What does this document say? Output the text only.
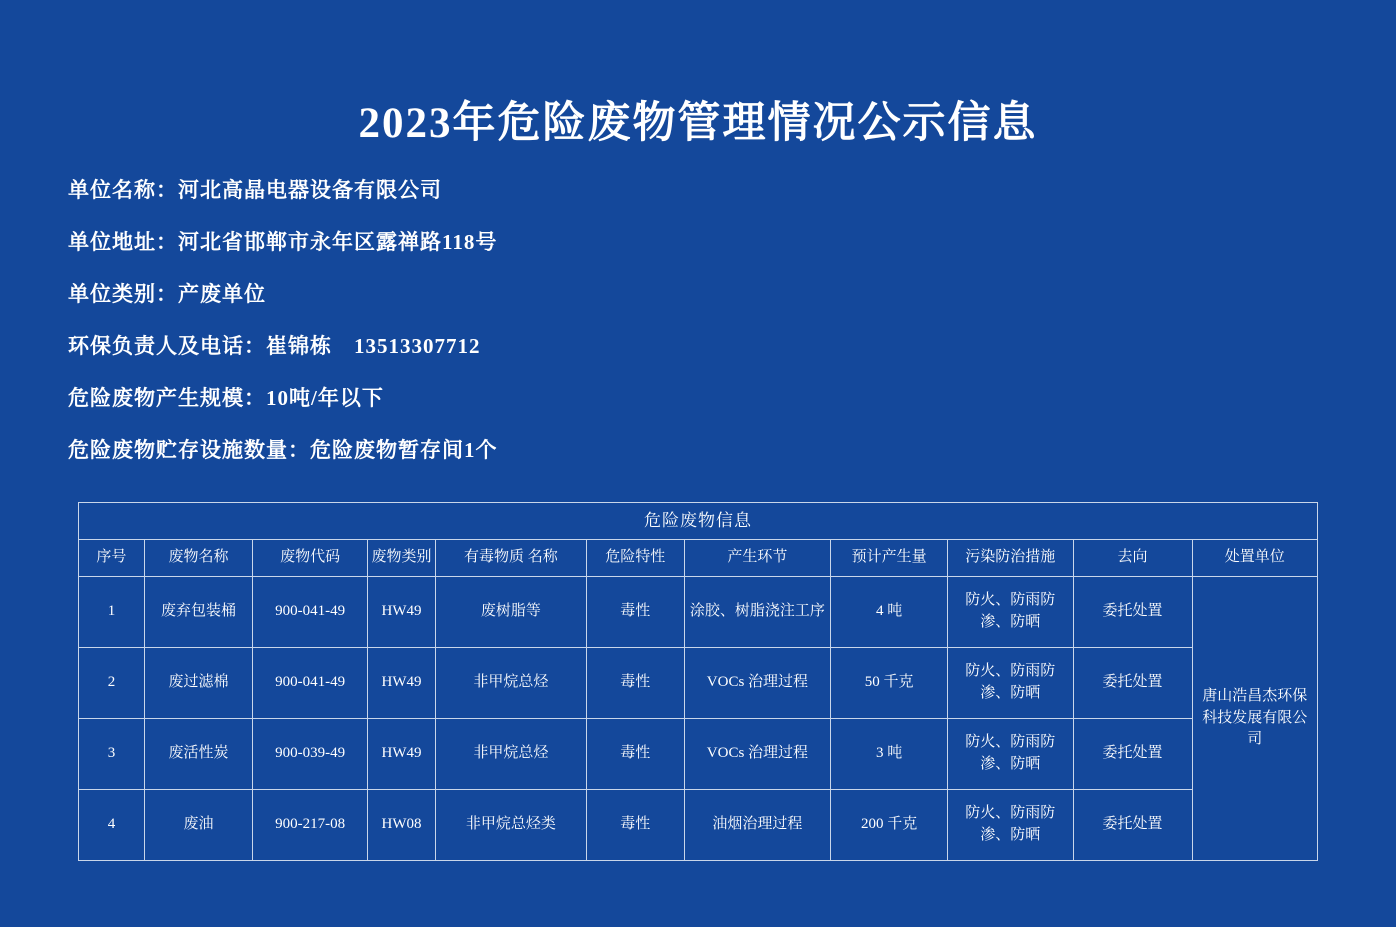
2023年危险废物管理情况公示信息
单位名称：河北高晶电器设备有限公司
单位地址：河北省邯郸市永年区露禅路118号
单位类别：产废单位
环保负责人及电话：崔锦栋　13513307712
危险废物产生规模：10吨/年以下
危险废物贮存设施数量：危险废物暂存间1个
危险废物信息										
序号	废物名称	废物代码	废物类别	有毒物质 名称	危险特性	产生环节	预计产生量	污染防治措施	去向	处置单位
1	废弃包装桶	900-041-49	HW49	废树脂等	毒性	涂胶、树脂浇注工序	4 吨	防火、防雨防渗、防晒	委托处置	唐山浩昌杰环保科技发展有限公司
2	废过滤棉	900-041-49	HW49	非甲烷总烃	毒性	VOCs 治理过程	50 千克	防火、防雨防渗、防晒	委托处置	
3	废活性炭	900-039-49	HW49	非甲烷总烃	毒性	VOCs 治理过程	3 吨	防火、防雨防渗、防晒	委托处置	
4	废油	900-217-08	HW08	非甲烷总烃类	毒性	油烟治理过程	200 千克	防火、防雨防渗、防晒	委托处置	
